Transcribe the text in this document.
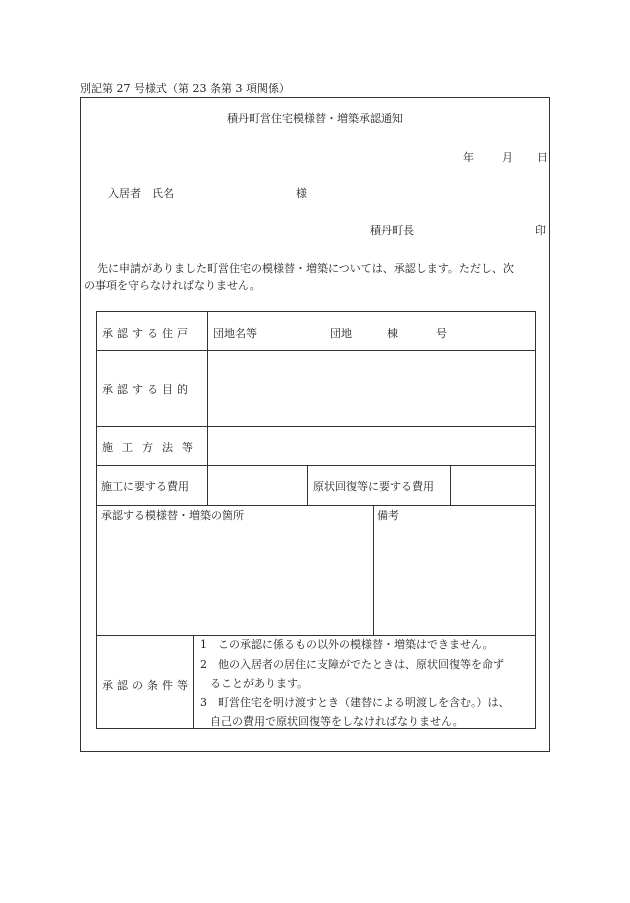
別記第 27 号様式（第 23 条第 3 項関係）
積丹町営住宅模様替・増築承認通知
年	月 日
入居者　氏名	様
積丹町長	印
先に申請がありました町営住宅の模様替・増築については、承認します。ただし、次
の事項を守らなければなりません。
承認する住戸 団地名等	団地	棟	号
承認する目的
施工方法等
施工に要する費用	原状回復等に要する費用
承認する模様替・増築の箇所	備考
承認の条件等
1　 この承認に係るもの以外の模様替・増築はできません。
2　 他の入居者の居住に支障がでたときは、原状回復等を命ず
ることがあります。
3　 町営住宅を明け渡すとき（建替による明渡しを含む。）は、
自己の費用で原状回復等をしなければなりません。
